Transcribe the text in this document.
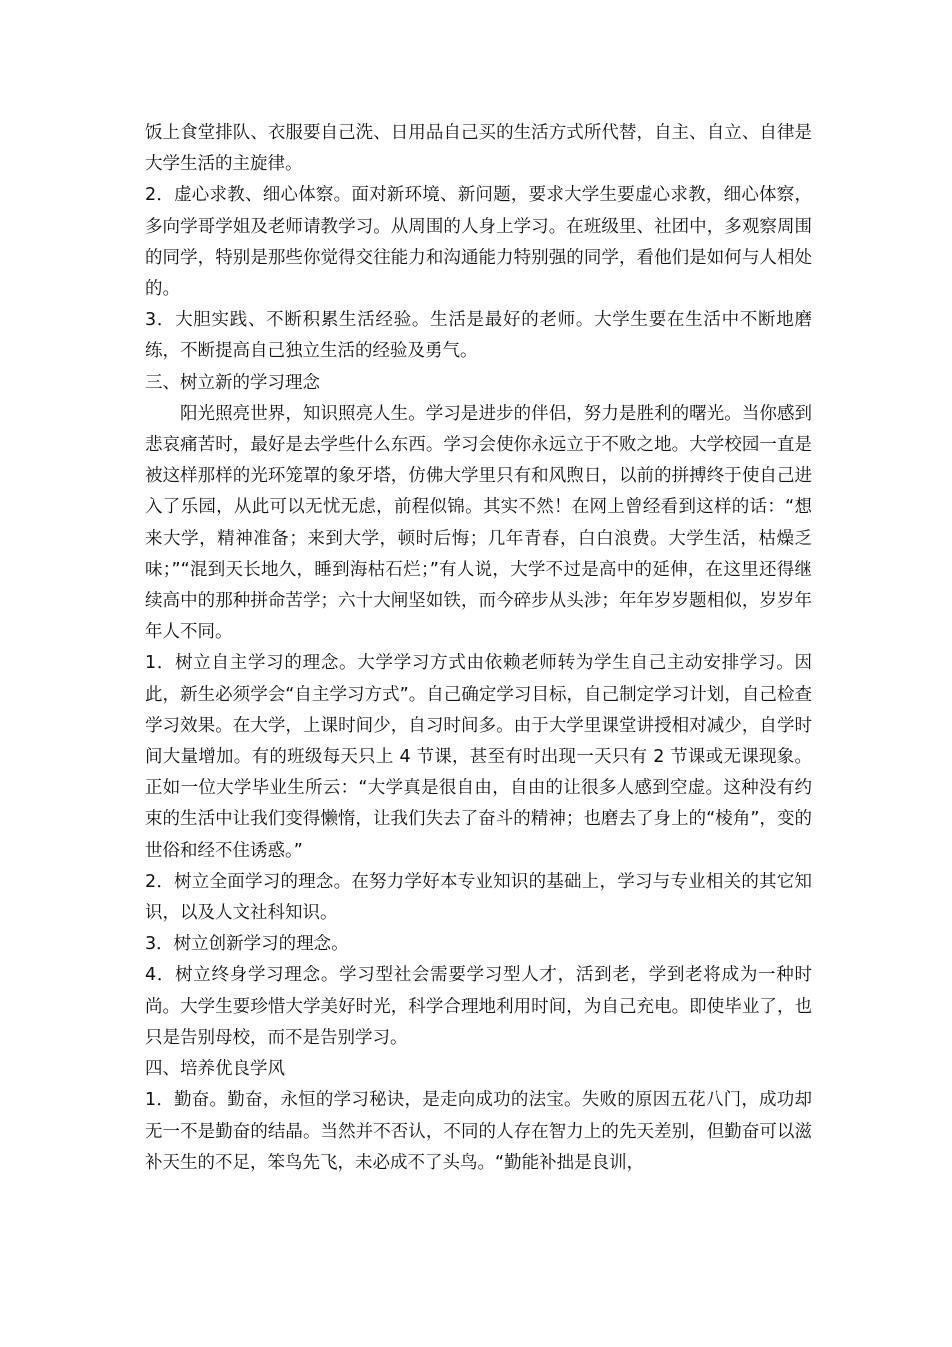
饭上食堂排队、衣服要自己洗、日用品自己买的生活方式所代替，自主、自立、自律是大学生活的主旋律。

2．虚心求教、细心体察。面对新环境、新问题，要求大学生要虚心求教，细心体察，多向学哥学姐及老师请教学习。从周围的人身上学习。在班级里、社团中，多观察周围的同学，特别是那些你觉得交往能力和沟通能力特别强的同学，看他们是如何与人相处的。

3．大胆实践、不断积累生活经验。生活是最好的老师。大学生要在生活中不断地磨练，不断提高自己独立生活的经验及勇气。

三、树立新的学习理念

阳光照亮世界，知识照亮人生。学习是进步的伴侣，努力是胜利的曙光。当你感到悲哀痛苦时，最好是去学些什么东西。学习会使你永远立于不败之地。大学校园一直是被这样那样的光环笼罩的象牙塔，仿佛大学里只有和风煦日，以前的拼搏终于使自己进入了乐园，从此可以无忧无虑，前程似锦。其实不然！在网上曾经看到这样的话：“想来大学，精神准备；来到大学，顿时后悔；几年青春，白白浪费。大学生活，枯燥乏味；”“混到天长地久，睡到海枯石烂；”有人说，大学不过是高中的延伸，在这里还得继续高中的那种拼命苦学；六十大闸坚如铁，而今碎步从头涉；年年岁岁题相似，岁岁年年人不同。

1．树立自主学习的理念。大学学习方式由依赖老师转为学生自己主动安排学习。因此，新生必须学会“自主学习方式”。自己确定学习目标，自己制定学习计划，自己检查学习效果。在大学，上课时间少，自习时间多。由于大学里课堂讲授相对减少，自学时间大量增加。有的班级每天只上 4 节课，甚至有时出现一天只有 2 节课或无课现象。正如一位大学毕业生所云：“大学真是很自由，自由的让很多人感到空虚。这种没有约束的生活中让我们变得懒惰，让我们失去了奋斗的精神；也磨去了身上的“棱角”，变的世俗和经不住诱惑。”

2．树立全面学习的理念。在努力学好本专业知识的基础上，学习与专业相关的其它知识，以及人文社科知识。

3．树立创新学习的理念。

4．树立终身学习理念。学习型社会需要学习型人才，活到老，学到老将成为一种时尚。大学生要珍惜大学美好时光，科学合理地利用时间，为自己充电。即使毕业了，也只是告别母校，而不是告别学习。

四、培养优良学风

1．勤奋。勤奋，永恒的学习秘诀，是走向成功的法宝。失败的原因五花八门，成功却无一不是勤奋的结晶。当然并不否认，不同的人存在智力上的先天差别，但勤奋可以滋补天生的不足，笨鸟先飞，未必成不了头鸟。“勤能补拙是良训，
